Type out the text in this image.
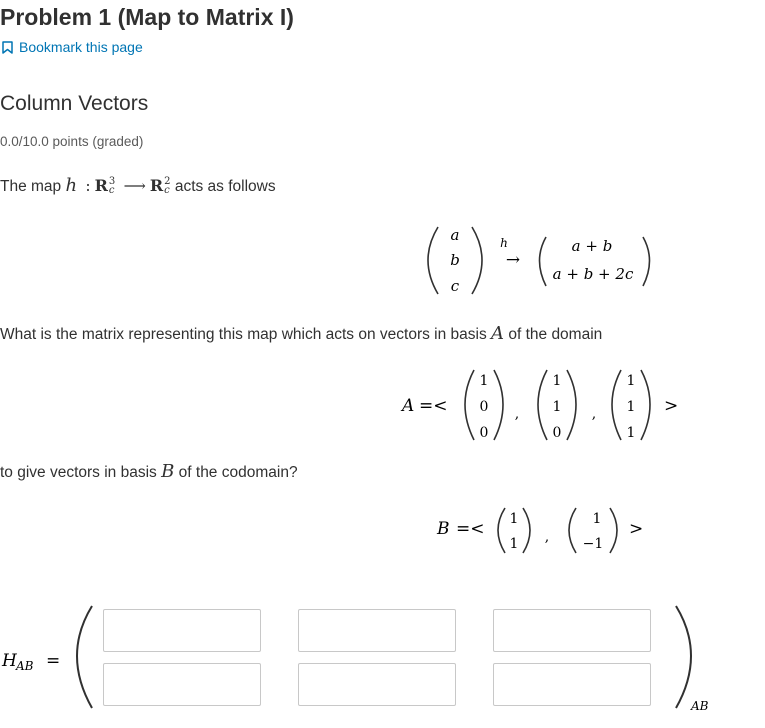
Problem 1 (Map to Matrix I)
Bookmark this page
Column Vectors
0.0/10.0 points (graded)
The map h : R 3
c ⟶ R 2
c acts as follows
a
b
c
h
→
a + b
a + b + 2c
What is the matrix representing this map which acts on vectors in basis A of the domain
A =<
1
0
0
,
1
1
0
,
1
1
1
>
to give vectors in basis B of the codomain?
B =< 1
1 ,
1
−1
>
H AB =
AB
